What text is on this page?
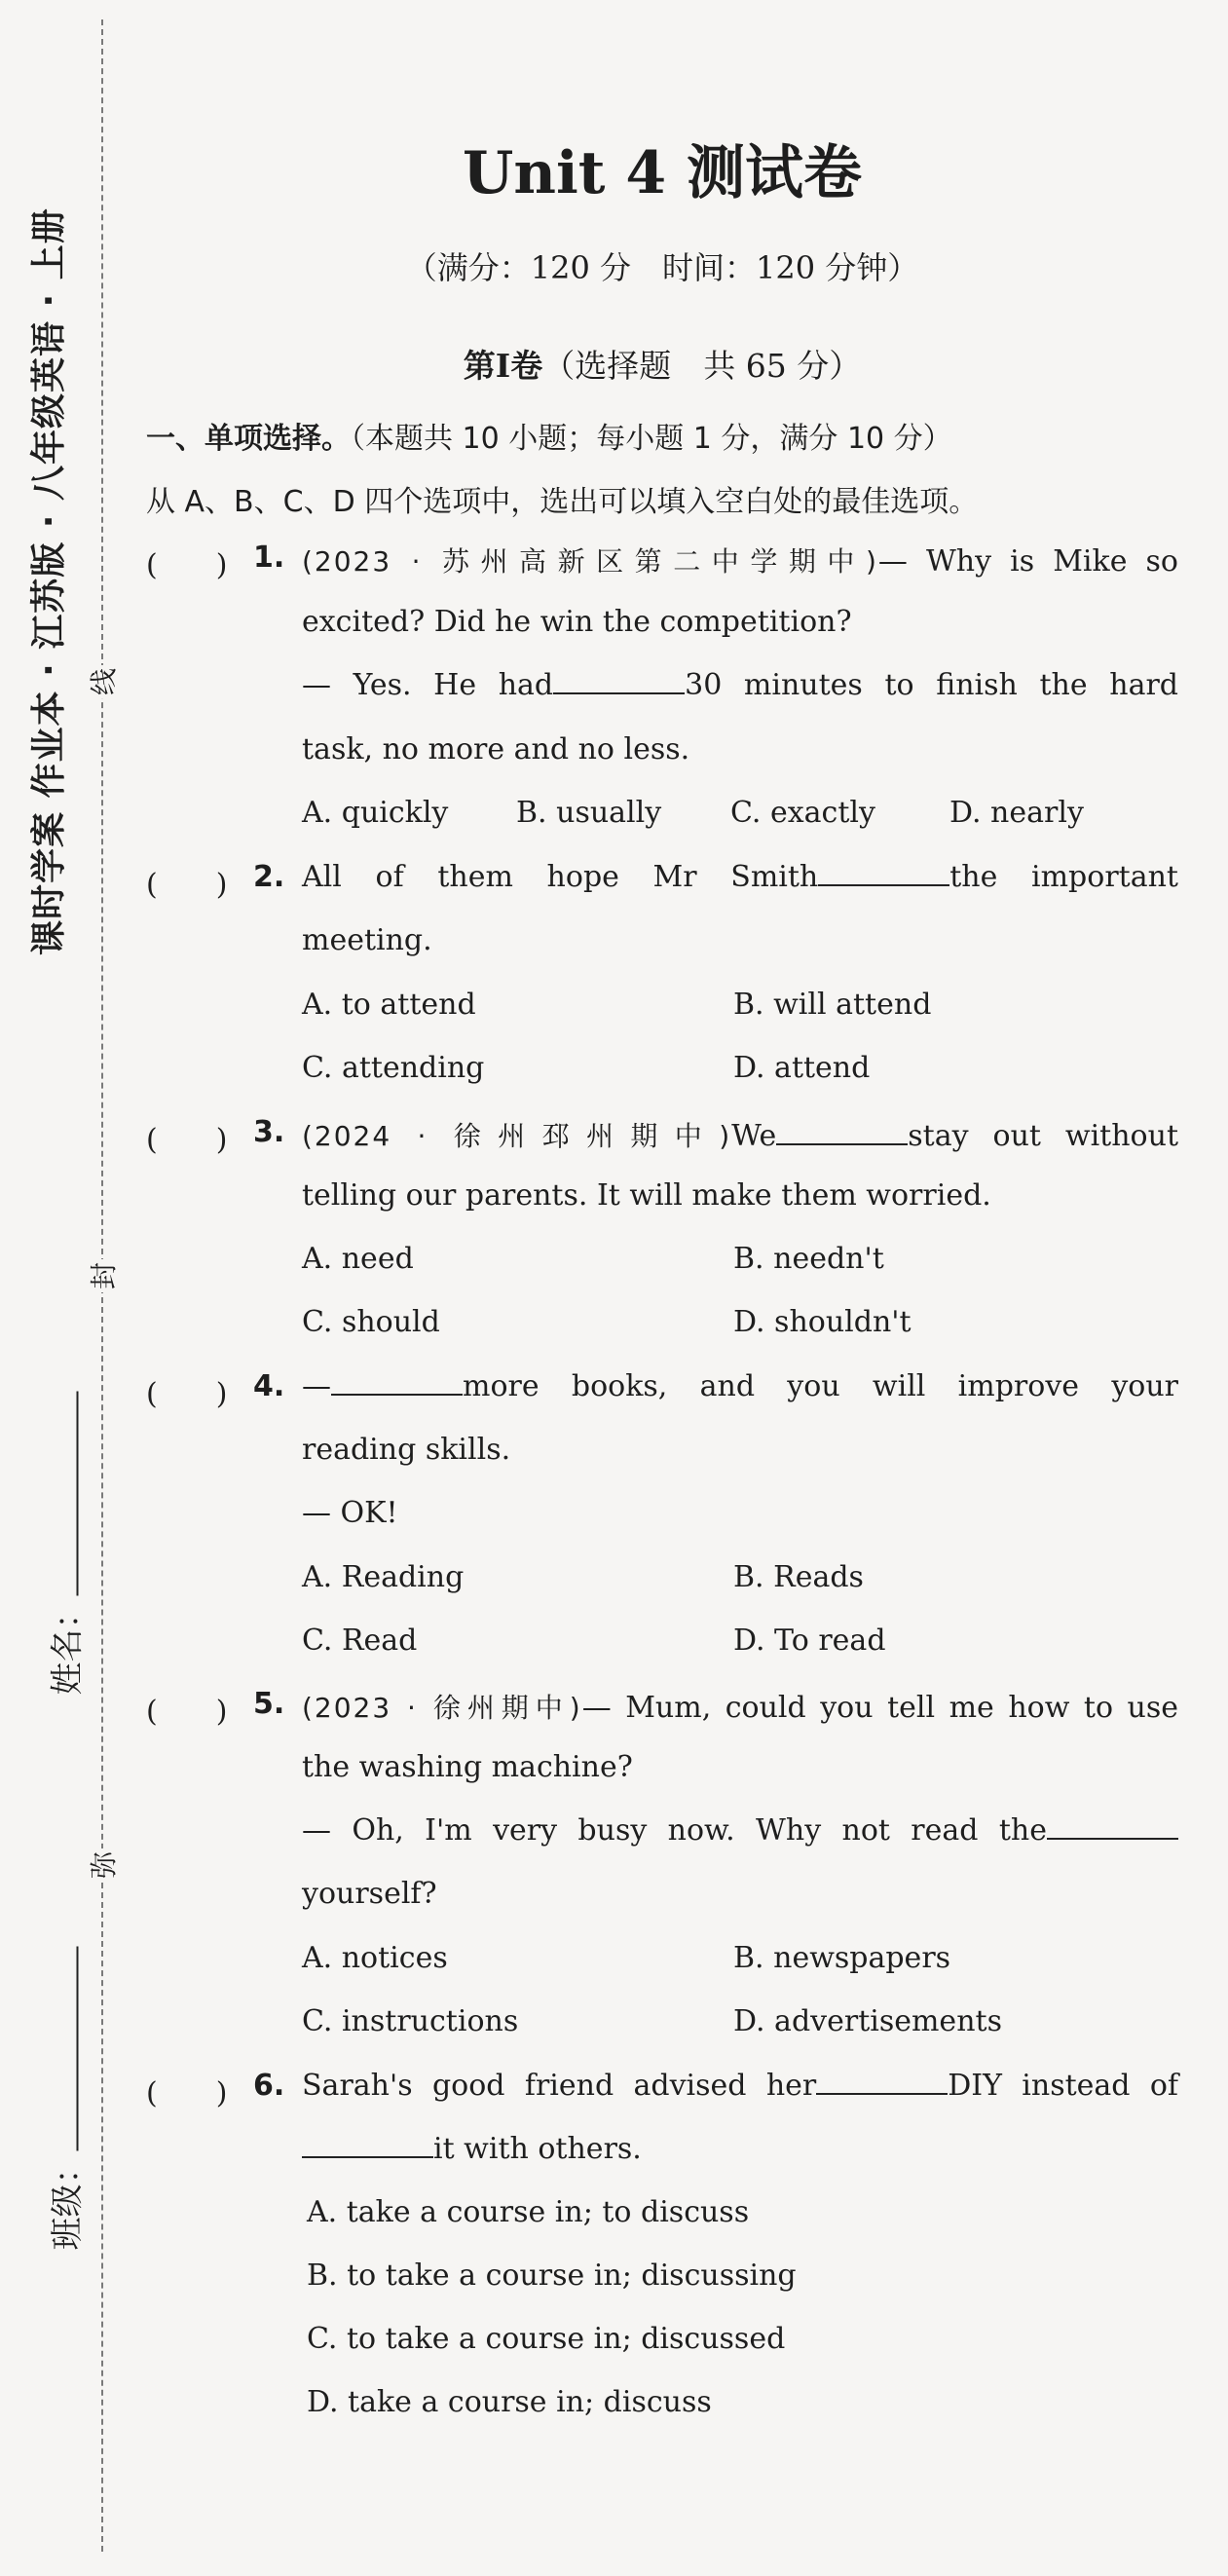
线
封
弥
课时学案 作业本 · 江苏版 · 八年级英语 · 上册
姓名：
班级：
Unit 4 测试卷
（满分：120 分　时间：120 分钟）
第Ⅰ卷（选择题　共 65 分）
一、单项选择。（本题共 10 小题；每小题 1 分，满分 10 分）
从 A、B、C、D 四个选项中，选出可以填入空白处的最佳选项。
(　　) 1. (2023 · 苏州高新区第二中学期中)— Why is Mike so
excited? Did he win the competition?
— Yes. He had	30 minutes to finish the hard
task, no more and no less.
A. quickly B. usually C. exactly	D. nearly
(　　) 2. All of them hope Mr Smith	the important
meeting.
A. to attend	B. will attend
C. attending	D. attend
(　　) 3. (2024 · 徐州邳州期中)We	stay out without
telling our parents. It will make them worried.
A. need	B. needn't
C. should	D. shouldn't
(　　) 4. —	more books, and you will improve your
reading skills.
— OK!
A. Reading	B. Reads
C. Read	D. To read
(　　) 5. (2023 · 徐州期中)— Mum, could you tell me how to use
the washing machine?
— Oh, I'm very busy now. Why not read the
yourself?
A. notices	B. newspapers
C. instructions	D. advertisements
(　　) 6. Sarah's good friend advised her	DIY instead of
it with others.
A. take a course in; to discuss
B. to take a course in; discussing
C. to take a course in; discussed
D. take a course in; discuss
